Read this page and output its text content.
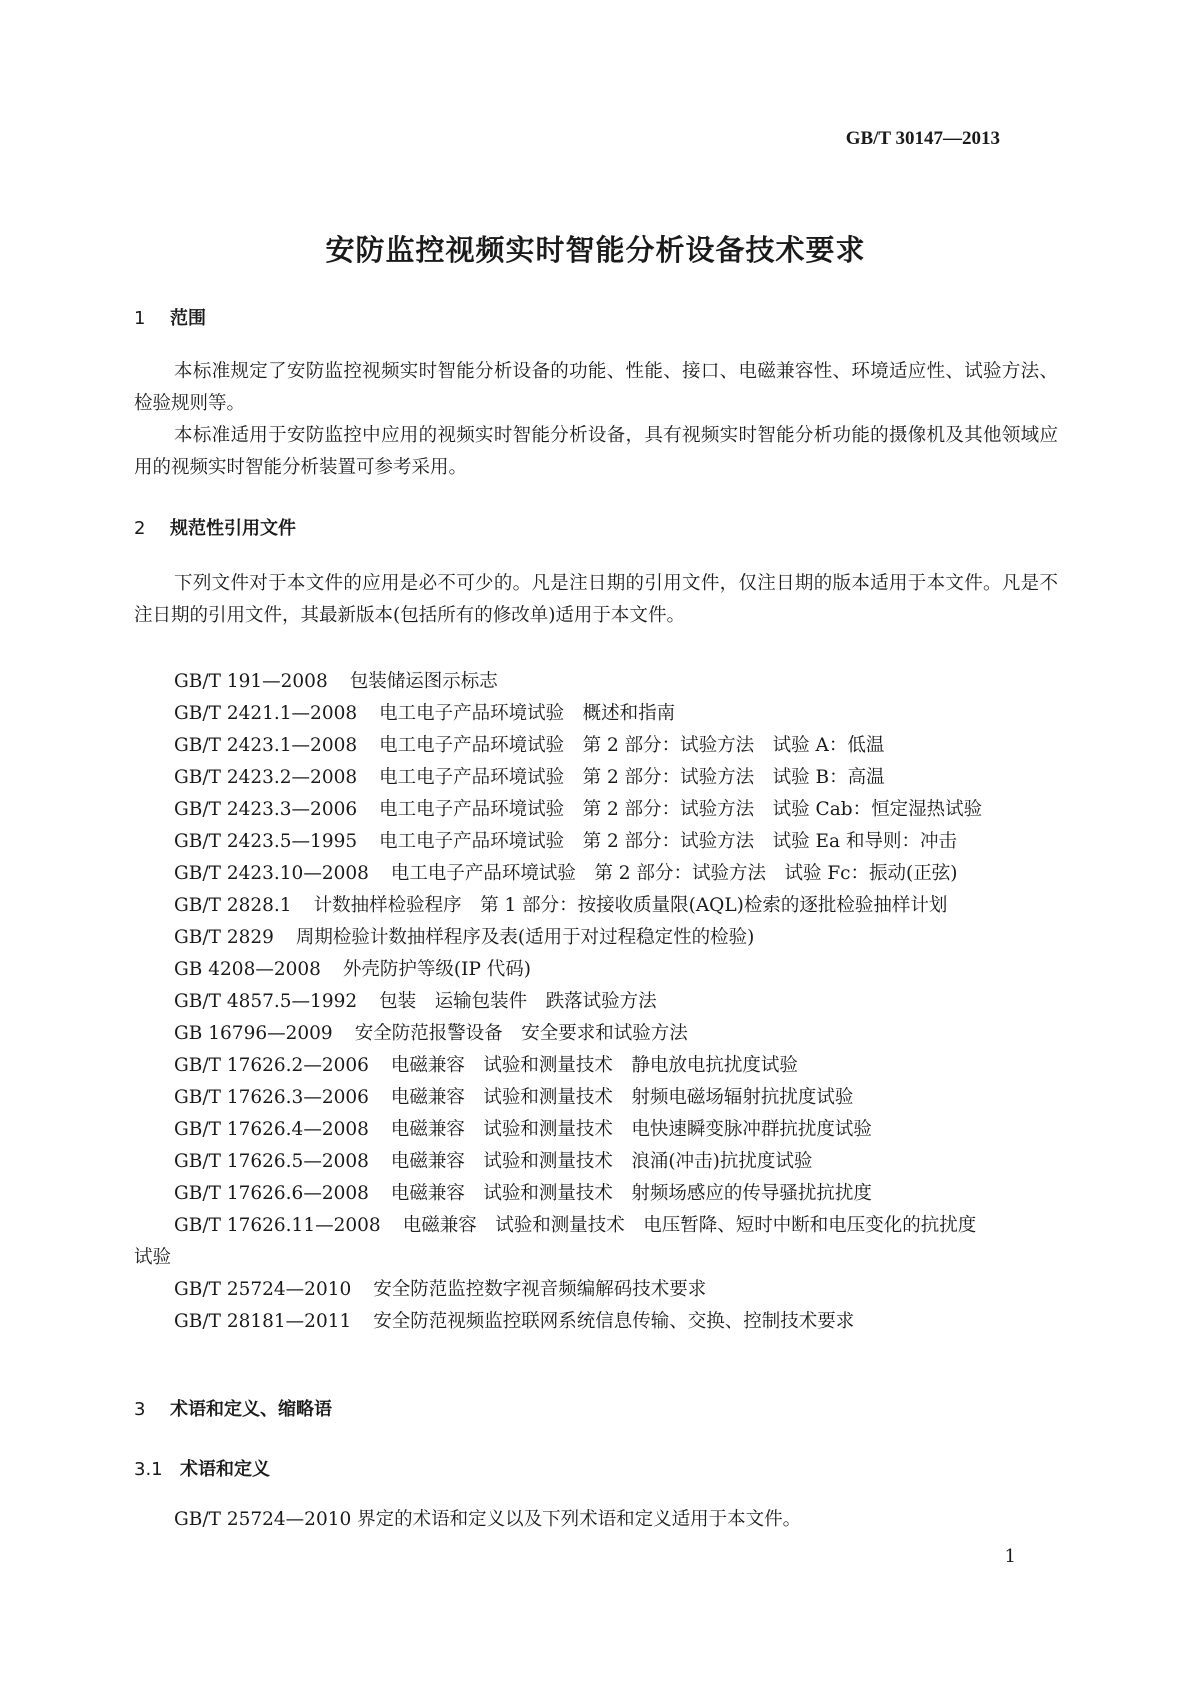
GB/T 30147—2013
安防监控视频实时智能分析设备技术要求
1 范围
本标准规定了安防监控视频实时智能分析设备的功能、性能、接口、电磁兼容性、环境适应性、试验方法、检验规则等。
本标准适用于安防监控中应用的视频实时智能分析设备，具有视频实时智能分析功能的摄像机及其他领域应用的视频实时智能分析装置可参考采用。
2 规范性引用文件
下列文件对于本文件的应用是必不可少的。凡是注日期的引用文件，仅注日期的版本适用于本文件。凡是不注日期的引用文件，其最新版本(包括所有的修改单)适用于本文件。
GB/T 191—2008 包装储运图示标志
GB/T 2421.1—2008 电工电子产品环境试验　概述和指南
GB/T 2423.1—2008 电工电子产品环境试验　第 2 部分：试验方法　试验 A：低温
GB/T 2423.2—2008 电工电子产品环境试验　第 2 部分：试验方法　试验 B：高温
GB/T 2423.3—2006 电工电子产品环境试验　第 2 部分：试验方法　试验 Cab：恒定湿热试验
GB/T 2423.5—1995 电工电子产品环境试验　第 2 部分：试验方法　试验 Ea 和导则：冲击
GB/T 2423.10—2008 电工电子产品环境试验　第 2 部分：试验方法　试验 Fc：振动(正弦)
GB/T 2828.1 计数抽样检验程序　第 1 部分：按接收质量限(AQL)检索的逐批检验抽样计划
GB/T 2829 周期检验计数抽样程序及表(适用于对过程稳定性的检验)
GB 4208—2008 外壳防护等级(IP 代码)
GB/T 4857.5—1992 包装　运输包装件　跌落试验方法
GB 16796—2009 安全防范报警设备　安全要求和试验方法
GB/T 17626.2—2006 电磁兼容　试验和测量技术　静电放电抗扰度试验
GB/T 17626.3—2006 电磁兼容　试验和测量技术　射频电磁场辐射抗扰度试验
GB/T 17626.4—2008 电磁兼容　试验和测量技术　电快速瞬变脉冲群抗扰度试验
GB/T 17626.5—2008 电磁兼容　试验和测量技术　浪涌(冲击)抗扰度试验
GB/T 17626.6—2008 电磁兼容　试验和测量技术　射频场感应的传导骚扰抗扰度
GB/T 17626.11—2008 电磁兼容　试验和测量技术　电压暂降、短时中断和电压变化的抗扰度
试验
GB/T 25724—2010 安全防范监控数字视音频编解码技术要求
GB/T 28181—2011 安全防范视频监控联网系统信息传输、交换、控制技术要求
3 术语和定义、缩略语
3.1 术语和定义
GB/T 25724—2010 界定的术语和定义以及下列术语和定义适用于本文件。
1
